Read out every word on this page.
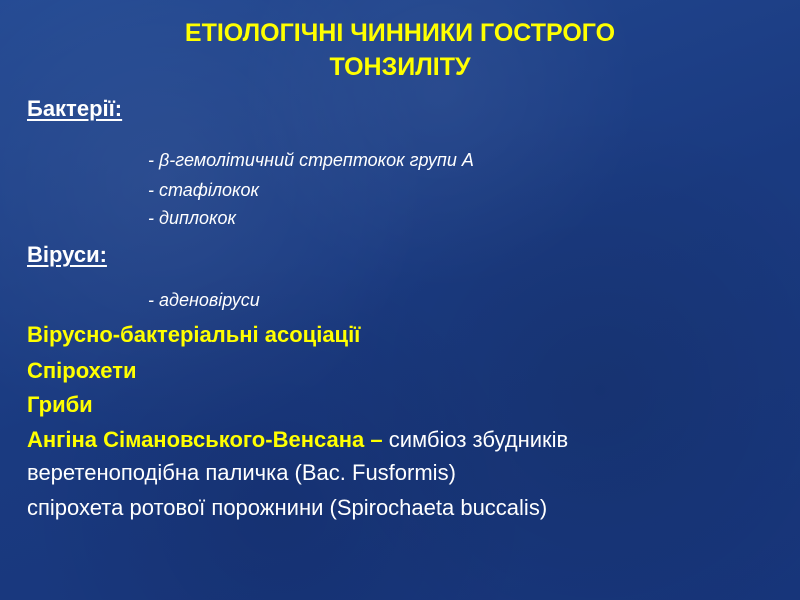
ЕТІОЛОГІЧНІ ЧИННИКИ ГОСТРОГО
ТОНЗИЛІТУ
Бактерії:
- β-гемолітичний стрептокок групи А
- стафілокок
- диплокок
Віруси:
- аденовіруси
Вірусно-бактеріальні асоціації
Спірохети
Гриби
Ангіна Сімановського-Венсана – симбіоз збудників
веретеноподібна паличка (Bac. Fusformis)
спірохета ротової порожнини (Spirochaeta buccalis)
